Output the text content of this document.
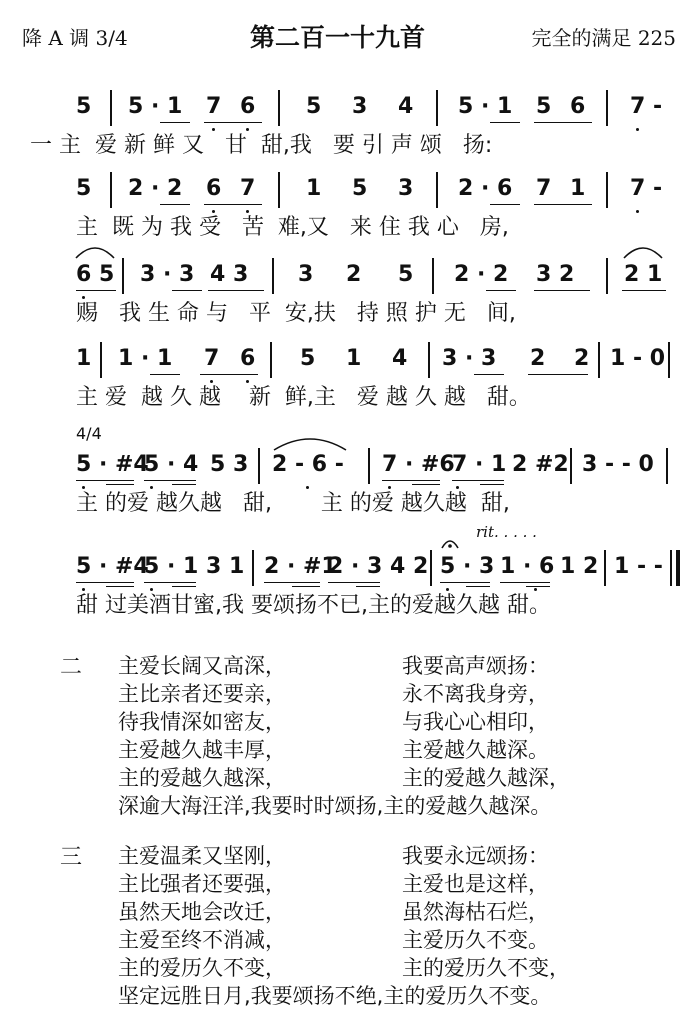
降 A 调 3/4	第二百一十九首	完全的满足 225
5 5 · 1 7 6 5 3 4 5 · 1 5 6 7 -
一 主  爱 新 鲜 又   甘  甜,我   要 引 声 颂   扬:
5 2 · 2 6 7 1 5 3 2 · 6 7 1 7 -
主  既 为 我 受   苦  难,又   来 住 我 心   房,
6 5 3 · 3 4 3 3 2 5 2 · 2 3 2 2 1
赐   我 生 命 与   平  安,扶   持 照 护 无   间,
1 1 · 1 7 6 5 1 4 3 · 3 2 2 1 - 0
主 爱  越 久 越    新  鲜,主   爱 越 久 越   甜。
4/4
5 · #4
5 · 4 5 3 2 - 6 - 7 · #6
7 · 1 2 #2 3 - - 0
主 的爱 越久越   甜,       主 的爱 越久越  甜,
rit. . . . .
5 · #4
5 · 1 3 1 2 · #1
2 · 3 4 2 5 · 3 1 · 6 1 2 1 - -
甜 过美酒甘蜜,我 要颂扬不已,主的爱越久越 甜。
二 主爱长阔又高深，	我要高声颂扬：
主比亲者还要亲，	永不离我身旁，
待我情深如密友，	与我心心相印，
主爱越久越丰厚，	主爱越久越深。
主的爱越久越深，	主的爱越久越深，
深逾大海汪洋,我要时时颂扬,主的爱越久越深。
三 主爱温柔又坚刚，	我要永远颂扬：
主比强者还要强，	主爱也是这样，
虽然天地会改迁，	虽然海枯石烂，
主爱至终不消减，	主爱历久不变。
主的爱历久不变，	主的爱历久不变，
坚定远胜日月,我要颂扬不绝,主的爱历久不变。
